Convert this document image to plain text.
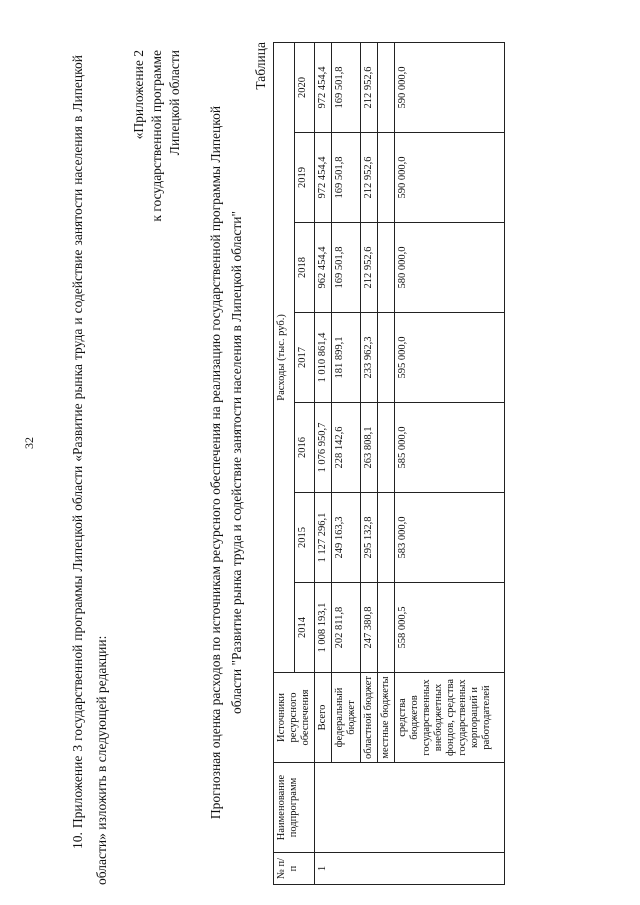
32	10. Приложение 3 государственной программы Липецкой области «Развитие рынка труда и содействие занятости населения в Липецкой области» изложить в следующей редакции:
«Приложение 2 к государственной программе Липецкой области
Прогнозная оценка расходов по источникам ресурсного обеспечения на реализацию государственной программы Липецкой области "Развитие рынка труда и содействие занятости населения в Липецкой области"
Таблица
№ п/п	Наименование подпрограмм	Источники ресурсного обеспечения	Расходы (тыс. руб.)						
			2014	2015	2016	2017	2018	2019	2020
1		Всего	1 008 193,1	1 127 296,1	1 076 950,7	1 010 861,4	962 454,4	972 454,4	972 454,4
		федеральный бюджет	202 811,8	249 163,3	228 142,6	181 899,1	169 501,8	169 501,8	169 501,8
		областной бюджет	247 380,8	295 132,8	263 808,1	233 962,3	212 952,6	212 952,6	212 952,6
		местные бюджеты							
		средства бюджетов государственных внебюджетных фондов, средства государственных корпораций и работодателей	558 000,5	583 000,0	585 000,0	595 000,0	580 000,0	590 000,0	590 000,0
